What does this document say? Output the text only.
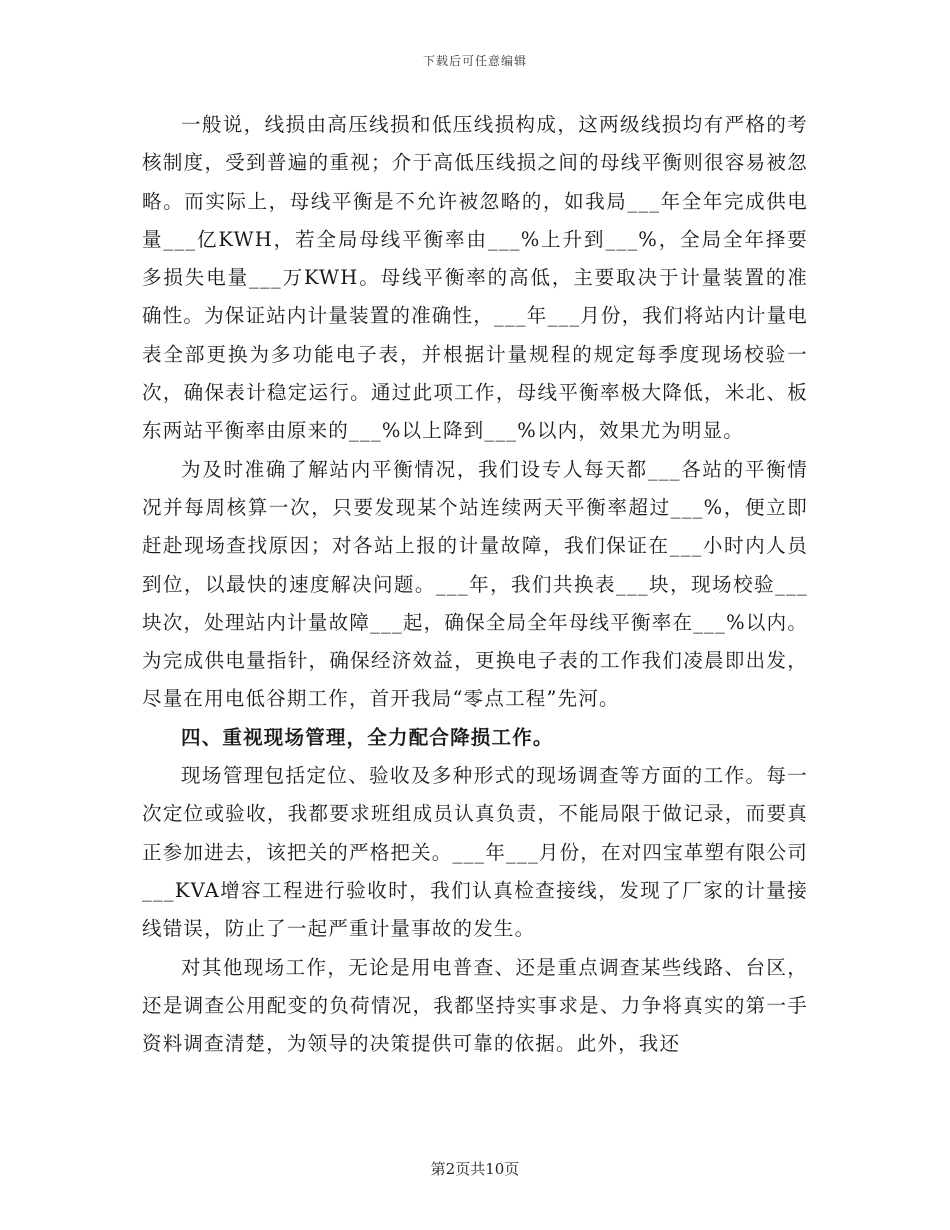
下载后可任意编辑

一般说，线损由高压线损和低压线损构成，这两级线损均有严格的考核制度，受到普遍的重视；介于高低压线损之间的母线平衡则很容易被忽略。而实际上，母线平衡是不允许被忽略的，如我局___年全年完成供电量___亿KWH，若全局母线平衡率由___%上升到___%，全局全年择要多损失电量___万KWH。母线平衡率的高低，主要取决于计量装置的准确性。为保证站内计量装置的准确性，___年___月份，我们将站内计量电表全部更换为多功能电子表，并根据计量规程的规定每季度现场校验一次，确保表计稳定运行。通过此项工作，母线平衡率极大降低，米北、板东两站平衡率由原来的___%以上降到___%以内，效果尤为明显。

为及时准确了解站内平衡情况，我们设专人每天都___各站的平衡情况并每周核算一次，只要发现某个站连续两天平衡率超过___%，便立即赶赴现场查找原因；对各站上报的计量故障，我们保证在___小时内人员到位，以最快的速度解决问题。___年，我们共换表___块，现场校验___块次，处理站内计量故障___起，确保全局全年母线平衡率在___%以内。为完成供电量指针，确保经济效益，更换电子表的工作我们凌晨即出发，尽量在用电低谷期工作，首开我局“零点工程”先河。

四、重视现场管理，全力配合降损工作。

现场管理包括定位、验收及多种形式的现场调查等方面的工作。每一次定位或验收，我都要求班组成员认真负责，不能局限于做记录，而要真正参加进去，该把关的严格把关。___年___月份，在对四宝革塑有限公司___KVA增容工程进行验收时，我们认真检查接线，发现了厂家的计量接线错误，防止了一起严重计量事故的发生。

对其他现场工作，无论是用电普查、还是重点调查某些线路、台区，还是调查公用配变的负荷情况，我都坚持实事求是、力争将真实的第一手资料调查清楚，为领导的决策提供可靠的依据。此外，我还

第2页共10页
